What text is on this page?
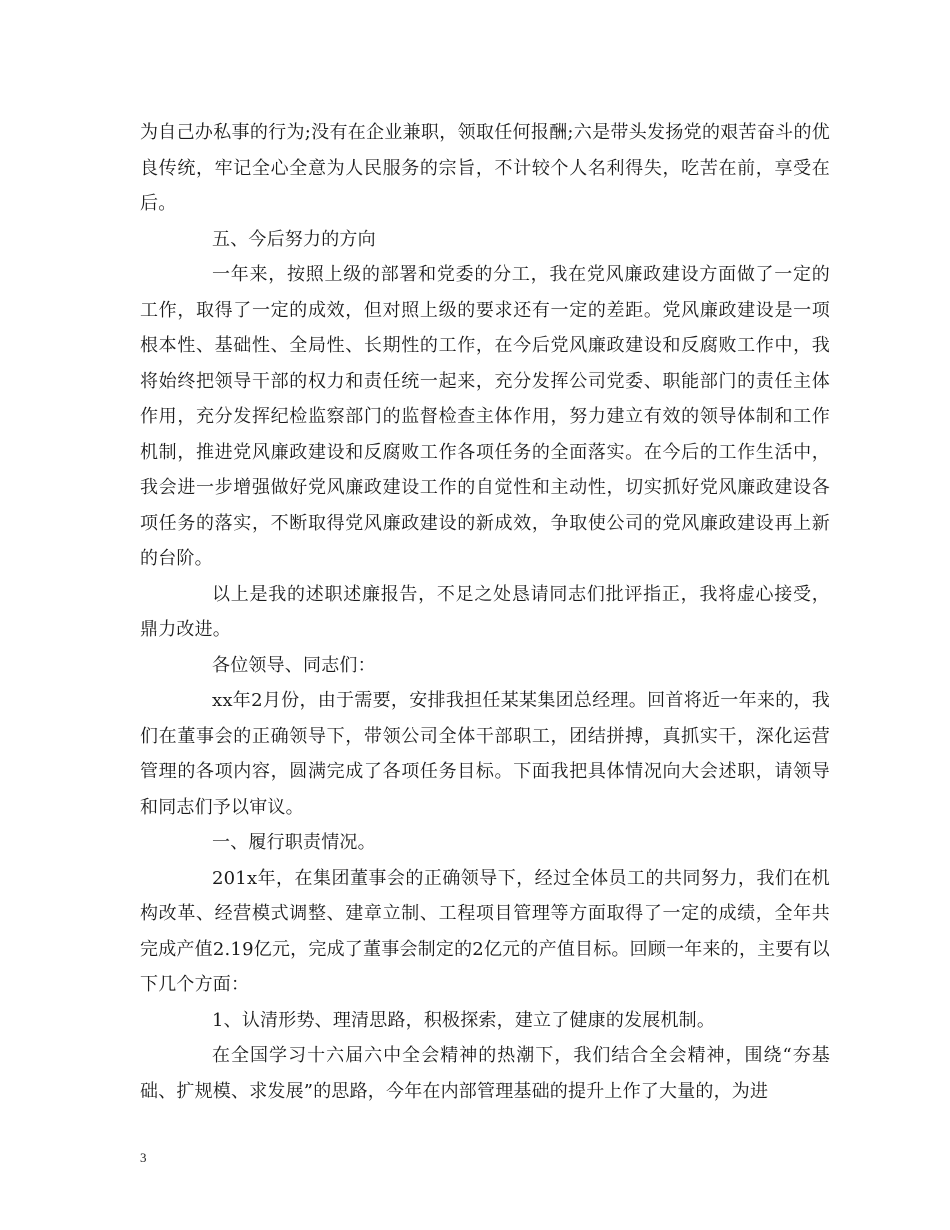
为自己办私事的行为;没有在企业兼职，领取任何报酬;六是带头发扬党的艰苦奋斗的优良传统，牢记全心全意为人民服务的宗旨，不计较个人名利得失，吃苦在前，享受在后。

五、今后努力的方向

一年来，按照上级的部署和党委的分工，我在党风廉政建设方面做了一定的工作，取得了一定的成效，但对照上级的要求还有一定的差距。党风廉政建设是一项根本性、基础性、全局性、长期性的工作，在今后党风廉政建设和反腐败工作中，我将始终把领导干部的权力和责任统一起来，充分发挥公司党委、职能部门的责任主体作用，充分发挥纪检监察部门的监督检查主体作用，努力建立有效的领导体制和工作机制，推进党风廉政建设和反腐败工作各项任务的全面落实。在今后的工作生活中，我会进一步增强做好党风廉政建设工作的自觉性和主动性，切实抓好党风廉政建设各项任务的落实，不断取得党风廉政建设的新成效，争取使公司的党风廉政建设再上新的台阶。

以上是我的述职述廉报告，不足之处恳请同志们批评指正，我将虚心接受，鼎力改进。

各位领导、同志们：

xx年2月份，由于需要，安排我担任某某集团总经理。回首将近一年来的，我们在董事会的正确领导下，带领公司全体干部职工，团结拼搏，真抓实干，深化运营管理的各项内容，圆满完成了各项任务目标。下面我把具体情况向大会述职，请领导和同志们予以审议。

一、履行职责情况。

201x年，在集团董事会的正确领导下，经过全体员工的共同努力，我们在机构改革、经营模式调整、建章立制、工程项目管理等方面取得了一定的成绩，全年共完成产值2.19亿元，完成了董事会制定的2亿元的产值目标。回顾一年来的，主要有以下几个方面：

1、认清形势、理清思路，积极探索，建立了健康的发展机制。

在全国学习十六届六中全会精神的热潮下，我们结合全会精神，围绕“夯基础、扩规模、求发展”的思路，今年在内部管理基础的提升上作了大量的，为进

3
